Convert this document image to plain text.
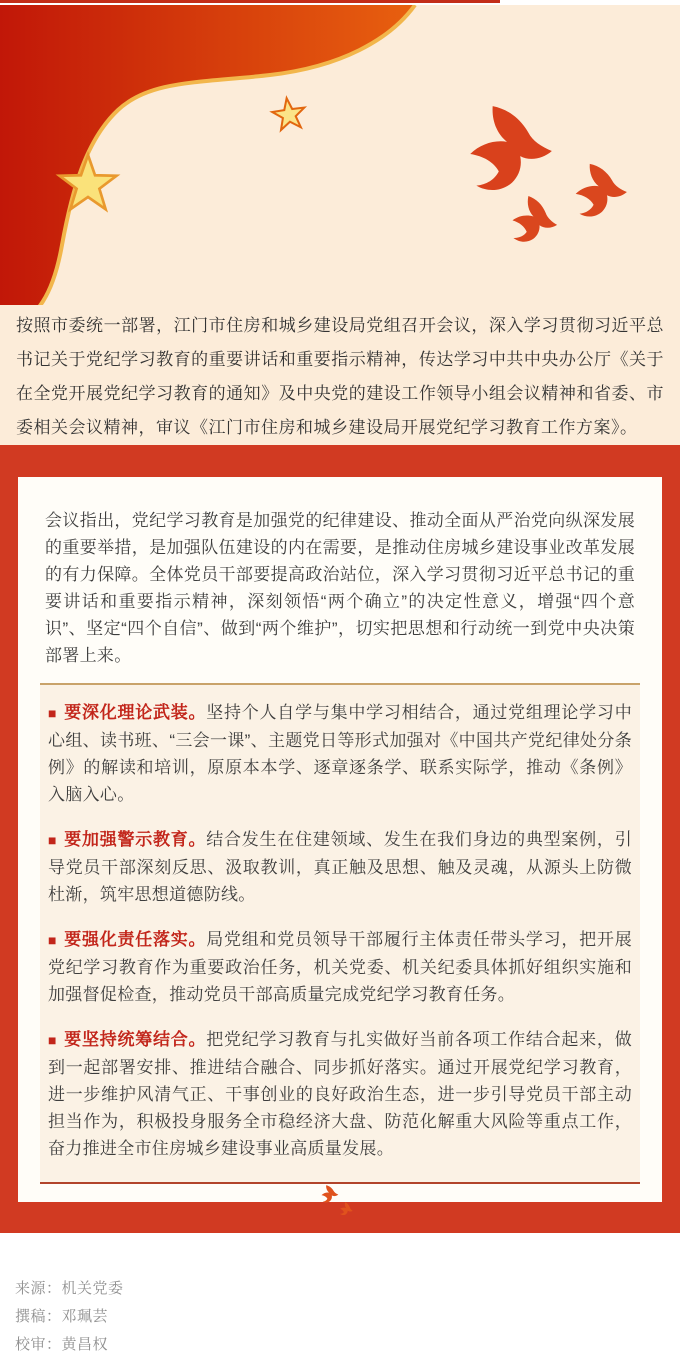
按照市委统一部署，江门市住房和城乡建设局党组召开会议，深入学习贯彻习近平总书记关于党纪学习教育的重要讲话和重要指示精神，传达学习中共中央办公厅《关于在全党开展党纪学习教育的通知》及中央党的建设工作领导小组会议精神和省委、市委相关会议精神，审议《江门市住房和城乡建设局开展党纪学习教育工作方案》。

会议指出，党纪学习教育是加强党的纪律建设、推动全面从严治党向纵深发展的重要举措，是加强队伍建设的内在需要，是推动住房城乡建设事业改革发展的有力保障。全体党员干部要提高政治站位，深入学习贯彻习近平总书记的重要讲话和重要指示精神，深刻领悟“两个确立”的决定性意义，增强“四个意识”、坚定“四个自信”、做到“两个维护”，切实把思想和行动统一到党中央决策部署上来。

■ 要深化理论武装。坚持个人自学与集中学习相结合，通过党组理论学习中心组、读书班、“三会一课”、主题党日等形式加强对《中国共产党纪律处分条例》的解读和培训，原原本本学、逐章逐条学、联系实际学，推动《条例》入脑入心。

■ 要加强警示教育。结合发生在住建领域、发生在我们身边的典型案例，引导党员干部深刻反思、汲取教训，真正触及思想、触及灵魂，从源头上防微杜渐，筑牢思想道德防线。

■ 要强化责任落实。局党组和党员领导干部履行主体责任带头学习，把开展党纪学习教育作为重要政治任务，机关党委、机关纪委具体抓好组织实施和加强督促检查，推动党员干部高质量完成党纪学习教育任务。

■ 要坚持统筹结合。把党纪学习教育与扎实做好当前各项工作结合起来，做到一起部署安排、推进结合融合、同步抓好落实。通过开展党纪学习教育，进一步维护风清气正、干事创业的良好政治生态，进一步引导党员干部主动担当作为，积极投身服务全市稳经济大盘、防范化解重大风险等重点工作，奋力推进全市住房城乡建设事业高质量发展。

来源：机关党委
撰稿：邓珮芸
校审：黄昌权
